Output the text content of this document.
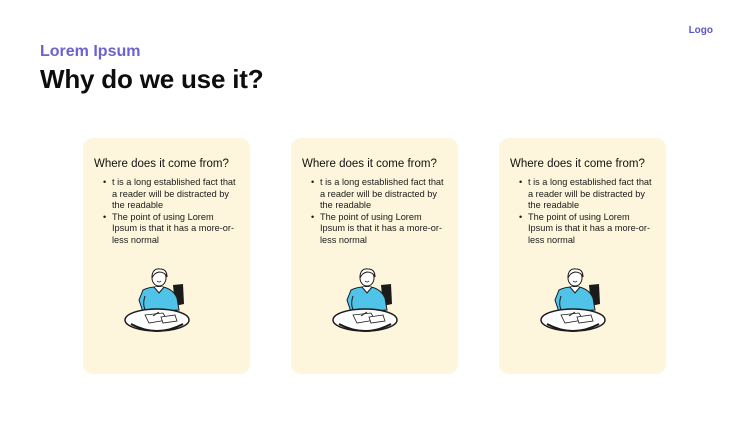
Logo
Lorem Ipsum
Why do we use it?
Where does it come from?
• t is a long established fact that a reader will be distracted by the readable
• The point of using Lorem Ipsum is that it has a more-or-less normal
Where does it come from?
• t is a long established fact that a reader will be distracted by the readable
• The point of using Lorem Ipsum is that it has a more-or-less normal
Where does it come from?
• t is a long established fact that a reader will be distracted by the readable
• The point of using Lorem Ipsum is that it has a more-or-less normal
